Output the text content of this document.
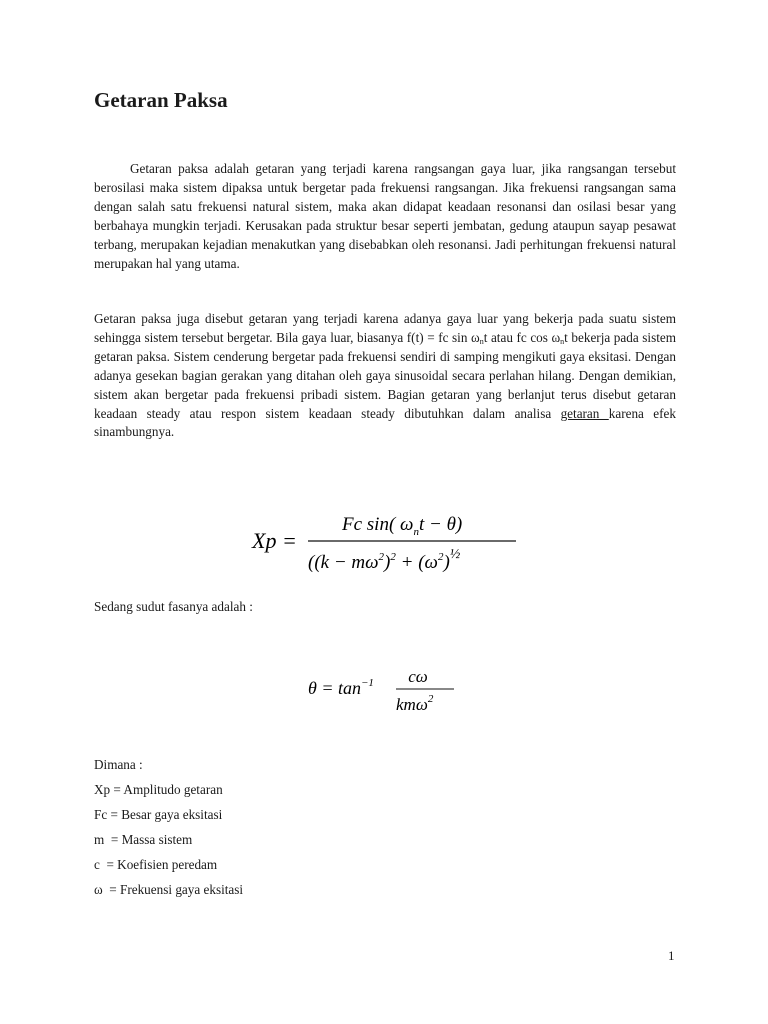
Getaran Paksa

Getaran paksa adalah getaran yang terjadi karena rangsangan gaya luar, jika rangsangan tersebut berosilasi maka sistem dipaksa untuk bergetar pada frekuensi rangsangan. Jika frekuensi rangsangan sama dengan salah satu frekuensi natural sistem, maka akan didapat keadaan resonansi dan osilasi besar yang berbahaya mungkin terjadi. Kerusakan pada struktur besar seperti jembatan, gedung ataupun sayap pesawat terbang, merupakan kejadian menakutkan yang disebabkan oleh resonansi. Jadi perhitungan frekuensi natural merupakan hal yang utama.

Getaran paksa juga disebut getaran yang terjadi karena adanya gaya luar yang bekerja pada suatu sistem sehingga sistem tersebut bergetar. Bila gaya luar, biasanya f(t) = fc $\sin \omega_nt$ atau fc $\cos \omega_nt$ bekerja pada sistem getaran paksa. Sistem cenderung bergetar pada frekuensi sendiri di samping mengikuti gaya eksitasi. Dengan adanya gesekan bagian gerakan yang ditahan oleh gaya sinusoidal secara perlahan hilang. Dengan demikian, sistem akan bergetar pada frekuensi pribadi sistem. Bagian getaran yang berlanjut terus disebut getaran keadaan steady atau respon sistem keadaan steady dibutuhkan dalam analisa getaran karena efek sinambungnya.

Xp =
Fc sin( $\omega_nt - \theta$)
($(k - m\omega^2)^2 + (\omega^2)^{\frac{1}{2}}$

Sedang sudut fasanya adalah :

$\theta = \tan^{-1} c\omega$
kmω$^2$

Dimana :

Xp = Amplitudo getaran

Fc = Besar gaya eksitasi

m  = Massa sistem

c  = Koefisien peredam

ω  = Frekuensi gaya eksitasi

1
